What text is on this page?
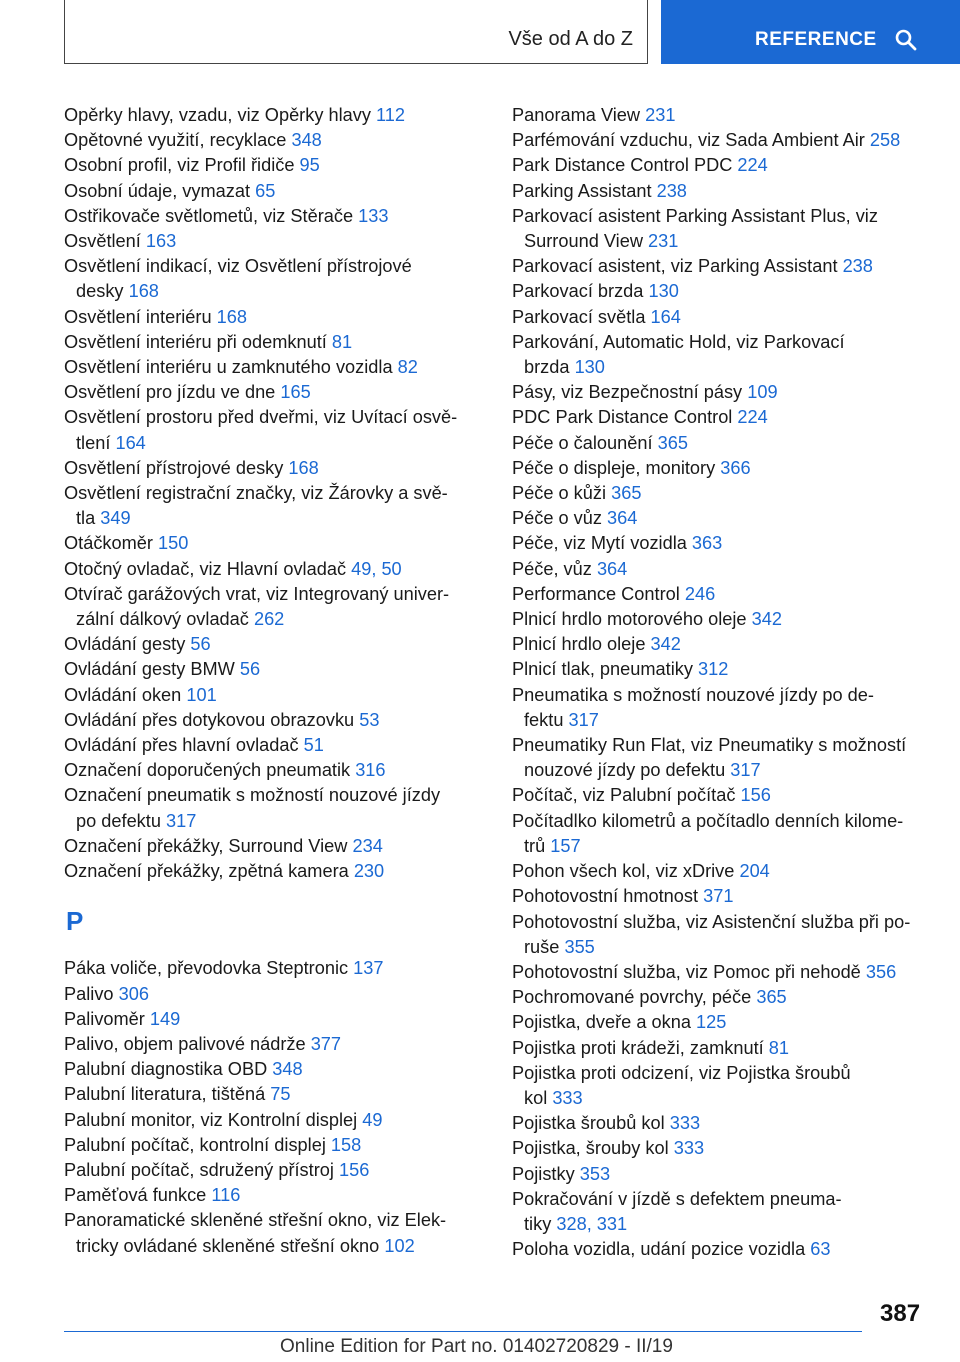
Vše od A do Z	REFERENCE

Opěrky hlavy, vzadu, viz Opěrky hlavy 112

Opětovné využití, recyklace 348

Osobní profil, viz Profil řidiče 95

Osobní údaje, vymazat 65

Ostřikovače světlometů, viz Stěrače 133

Osvětlení 163

Osvětlení indikací, viz Osvětlení přístrojové
desky 168

Osvětlení interiéru 168

Osvětlení interiéru při odemknutí 81

Osvětlení interiéru u zamknutého vozidla 82

Osvětlení pro jízdu ve dne 165

Osvětlení prostoru před dveřmi, viz Uvítací osvě‐
tlení 164

Osvětlení přístrojové desky 168

Osvětlení registrační značky, viz Žárovky a svě‐
tla 349

Otáčkoměr 150

Otočný ovladač, viz Hlavní ovladač 49, 50

Otvírač garážových vrat, viz Integrovaný univer‐
zální dálkový ovladač 262

Ovládání gesty 56

Ovládání gesty BMW 56

Ovládání oken 101

Ovládání přes dotykovou obrazovku 53

Ovládání přes hlavní ovladač 51

Označení doporučených pneumatik 316

Označení pneumatik s možností nouzové jízdy
po defektu 317

Označení překážky, Surround View 234

Označení překážky, zpětná kamera 230

P

Páka voliče, převodovka Steptronic 137

Palivo 306

Palivoměr 149

Palivo, objem palivové nádrže 377

Palubní diagnostika OBD 348

Palubní literatura, tištěná 75

Palubní monitor, viz Kontrolní displej 49

Palubní počítač, kontrolní displej 158

Palubní počítač, sdružený přístroj 156

Paměťová funkce 116

Panoramatické skleněné střešní okno, viz Elek‐
tricky ovládané skleněné střešní okno 102

Panorama View 231

Parfémování vzduchu, viz Sada Ambient Air 258

Park Distance Control PDC 224

Parking Assistant 238

Parkovací asistent Parking Assistant Plus, viz
Surround View 231

Parkovací asistent, viz Parking Assistant 238

Parkovací brzda 130

Parkovací světla 164

Parkování, Automatic Hold, viz Parkovací
brzda 130

Pásy, viz Bezpečnostní pásy 109

PDC Park Distance Control 224

Péče o čalounění 365

Péče o displeje, monitory 366

Péče o kůži 365

Péče o vůz 364

Péče, viz Mytí vozidla 363

Péče, vůz 364

Performance Control 246

Plnicí hrdlo motorového oleje 342

Plnicí hrdlo oleje 342

Plnicí tlak, pneumatiky 312

Pneumatika s možností nouzové jízdy po de‐
fektu 317

Pneumatiky Run Flat, viz Pneumatiky s možností
nouzové jízdy po defektu 317

Počítač, viz Palubní počítač 156

Počítadlko kilometrů a počítadlo denních kilome‐
trů 157

Pohon všech kol, viz xDrive 204

Pohotovostní hmotnost 371

Pohotovostní služba, viz Asistenční služba při po‐
ruše 355

Pohotovostní služba, viz Pomoc při nehodě 356

Pochromované povrchy, péče 365

Pojistka, dveře a okna 125

Pojistka proti krádeži, zamknutí 81

Pojistka proti odcizení, viz Pojistka šroubů
kol 333

Pojistka šroubů kol 333

Pojistka, šrouby kol 333

Pojistky 353

Pokračování v jízdě s defektem pneuma‐
tiky 328, 331

Poloha vozidla, udání pozice vozidla 63

387
Online Edition for Part no. 01402720829 - II/19
